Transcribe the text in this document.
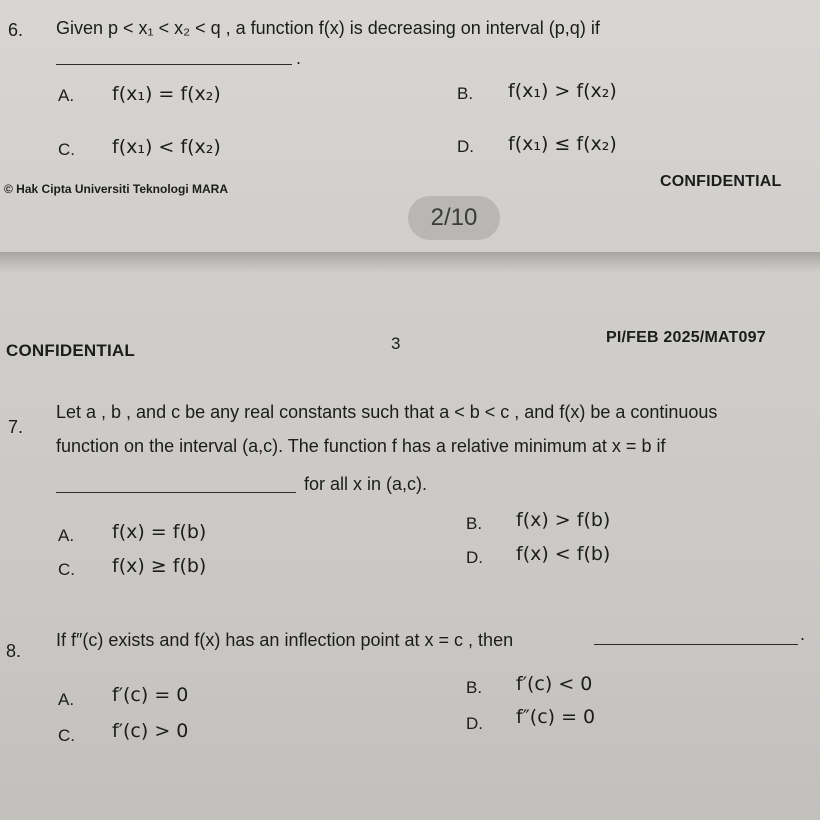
6. Given p < x₁ < x₂ < q , a function f(x) is decreasing on interval (p,q) if
.
A. f(x₁) = f(x₂)	B. f(x₁) > f(x₂)
C. f(x₁) < f(x₂)	D. f(x₁) ≤ f(x₂)
© Hak Cipta Universiti Teknologi MARA	CONFIDENTIAL
2/10
CONFIDENTIAL	3	PI/FEB 2025/MAT097
7.
Let a , b , and c be any real constants such that a < b < c , and f(x) be a continuous
function on the interval (a,c). The function f has a relative minimum at x = b if
for all x in (a,c).
A. f(x) = f(b)	B. f(x) > f(b)
C. f(x) ≥ f(b)	D. f(x) < f(b)
8.
If f″(c) exists and f(x) has an inflection point at x = c , then	.
A. f′(c) = 0	B. f′(c) < 0
C. f′(c) > 0	D. f″(c) = 0
